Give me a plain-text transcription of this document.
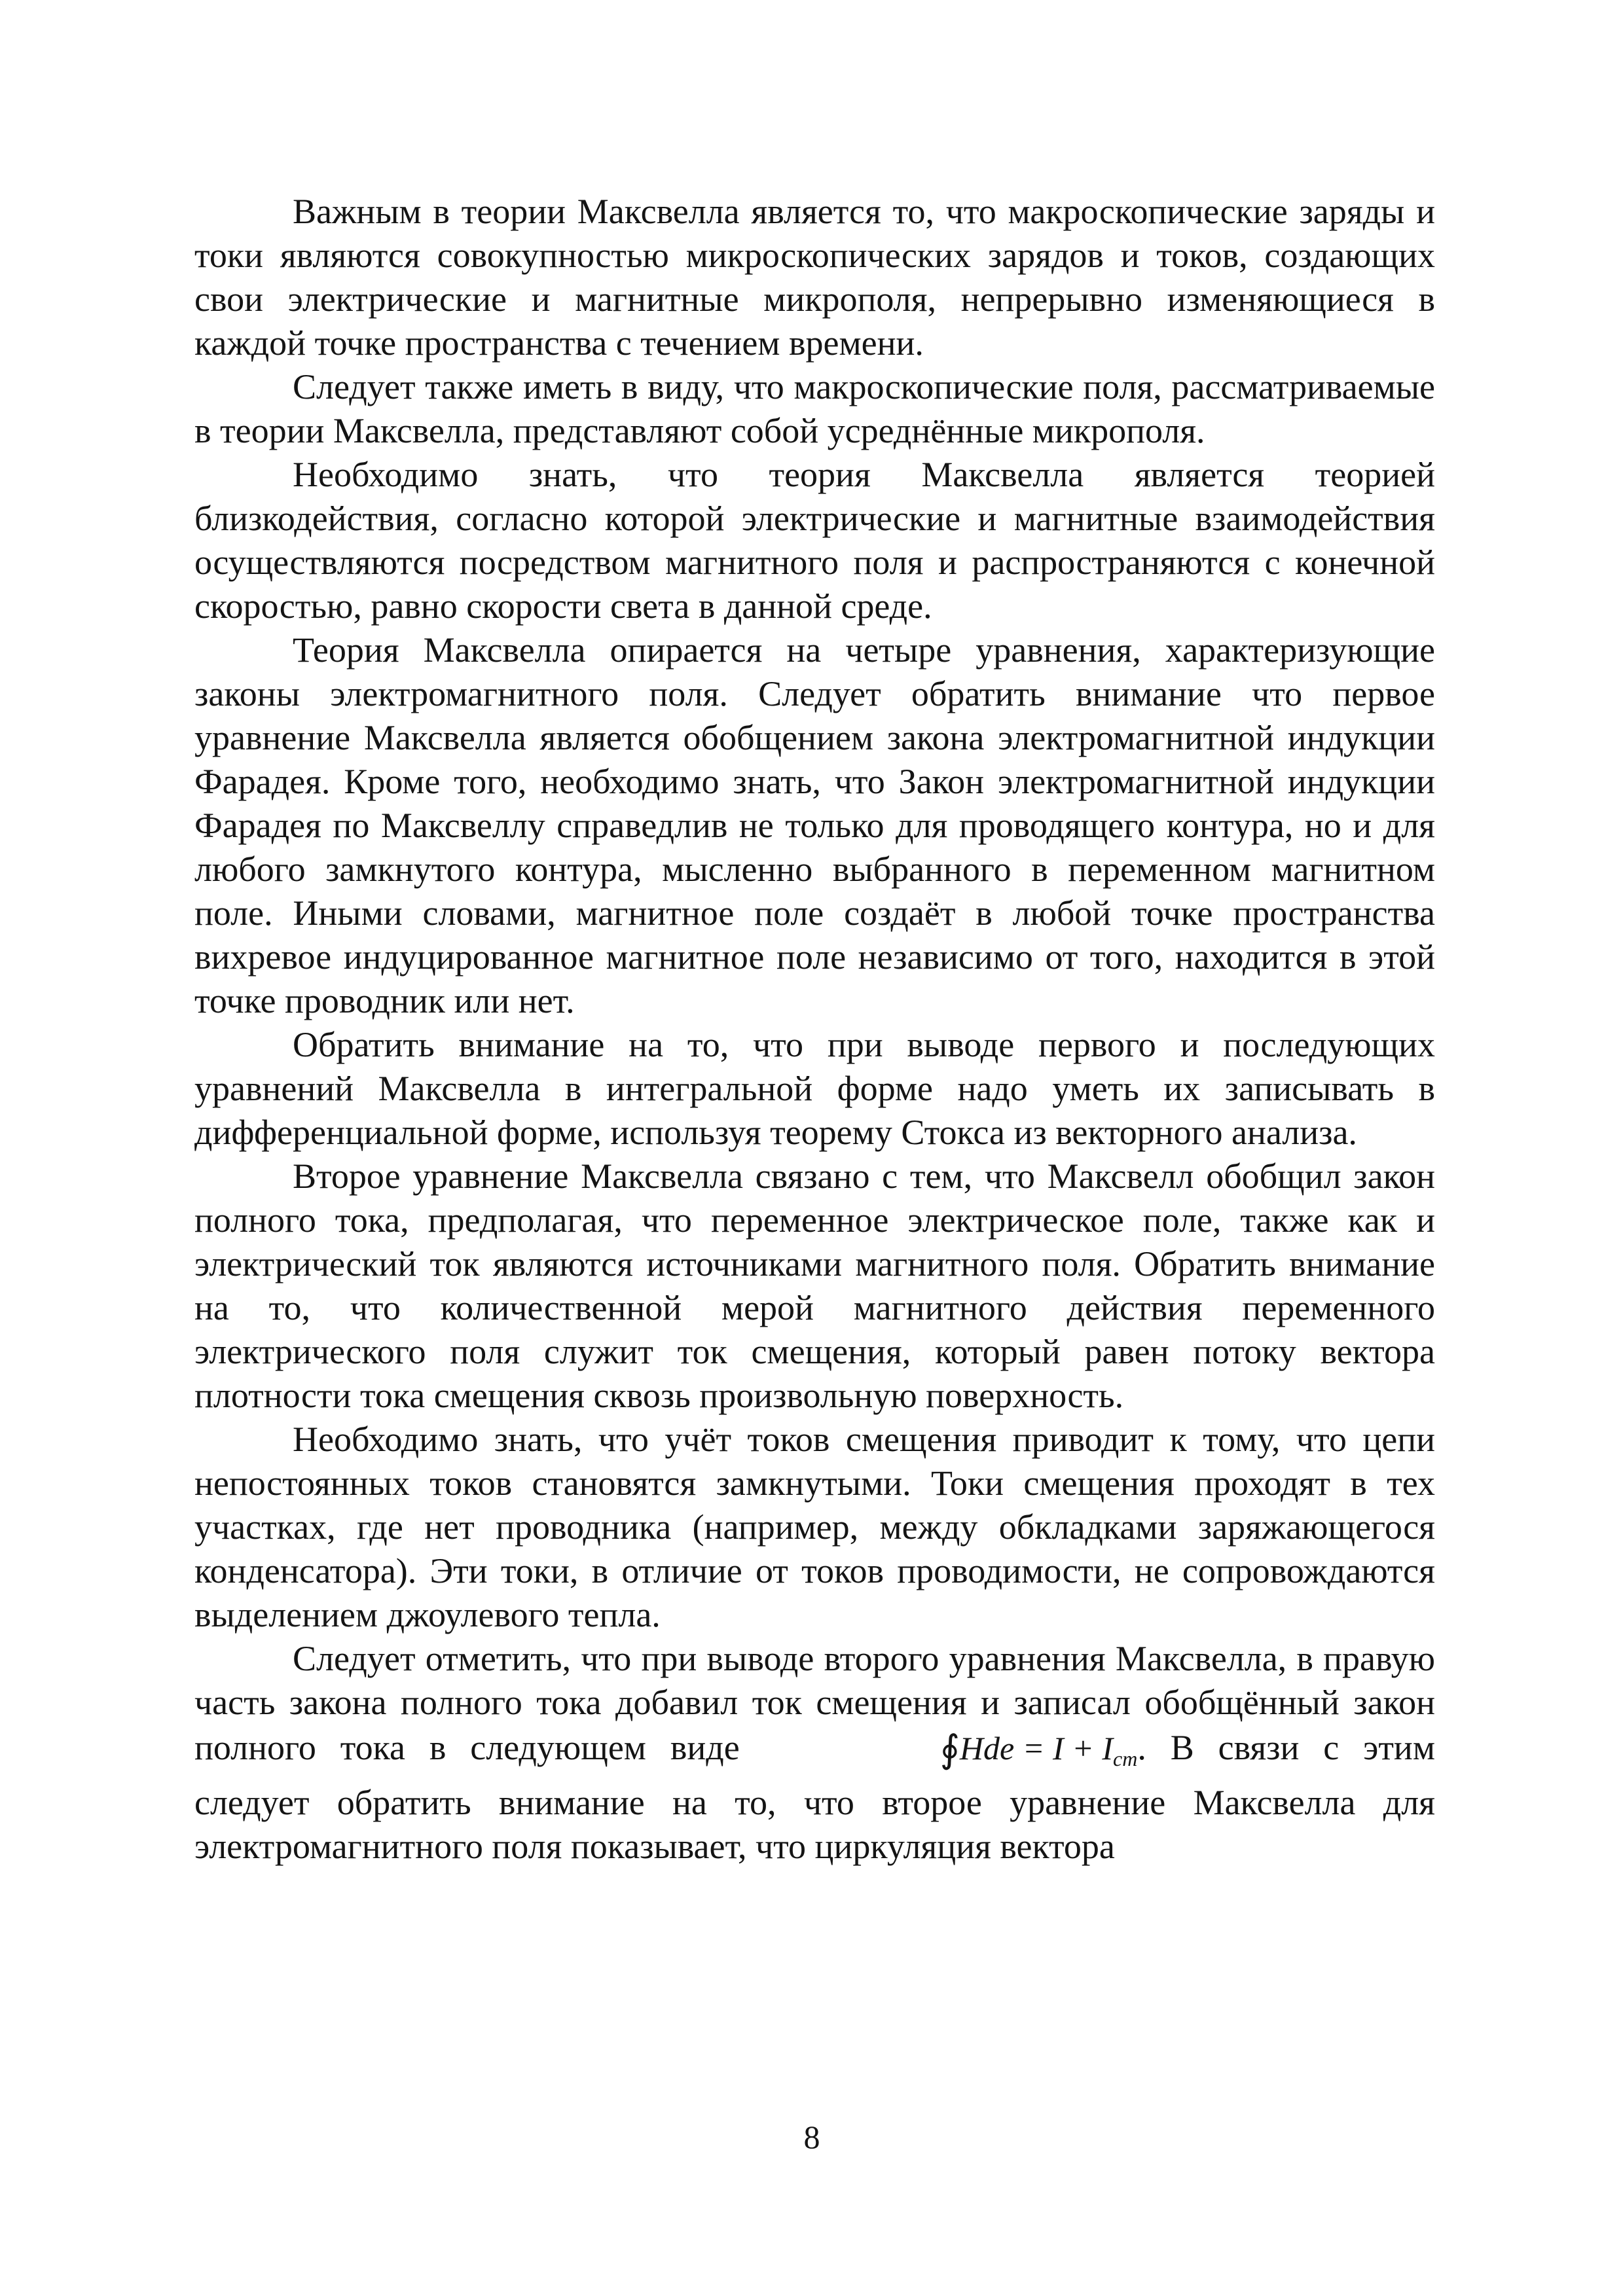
Важным в теории Максвелла является то, что макроскопические заряды и токи являются совокупностью микроскопических зарядов и токов, создающих свои электрические и магнитные микрополя, непрерывно изменяющиеся в каждой точке пространства с течением времени.

Следует также иметь в виду, что макроскопические поля, рассматриваемые в теории Максвелла, представляют собой усреднённые микрополя.

Необходимо знать, что теория Максвелла является теорией близкодействия, согласно которой электрические и магнитные взаимодействия осуществляются посредством магнитного поля и распространяются с конечной скоростью, равно скорости света в данной среде.

Теория Максвелла опирается на четыре уравнения, характеризующие законы электромагнитного поля. Следует обратить внимание что первое уравнение Максвелла является обобщением закона электромагнитной индукции Фарадея. Кроме того, необходимо знать, что Закон электромагнитной индукции Фарадея по Максвеллу справедлив не только для проводящего контура, но и для любого замкнутого контура, мысленно выбранного в переменном магнитном поле. Иными словами, магнитное поле создаёт в любой точке пространства вихревое индуцированное магнитное поле независимо от того, находится в этой точке проводник или нет.

Обратить внимание на то, что при выводе первого и последующих уравнений Максвелла в интегральной форме надо уметь их записывать в дифференциальной форме, используя теорему Стокса из векторного анализа.

Второе уравнение Максвелла связано с тем, что Максвелл обобщил закон полного тока, предполагая, что переменное электрическое поле, также как и электрический ток являются источниками магнитного поля. Обратить внимание на то, что количественной мерой магнитного действия переменного электрического поля служит ток смещения, который равен потоку вектора плотности тока смещения сквозь произвольную поверхность.

Необходимо знать, что учёт токов смещения приводит к тому, что цепи непостоянных токов становятся замкнутыми. Токи смещения проходят в тех участках, где нет проводника (например, между обкладками заряжающегося конденсатора). Эти токи, в отличие от токов проводимости, не сопровождаются выделением джоулевого тепла.

Следует отметить, что при выводе второго уравнения Максвелла, в правую часть закона полного тока добавил ток смещения и записал обобщённый закон полного тока в следующем виде	∮Hde = $I + I_{cm}$. В связи с этим следует обратить внимание на то, что второе уравнение Максвелла для электромагнитного поля показывает, что циркуляция вектора

8
